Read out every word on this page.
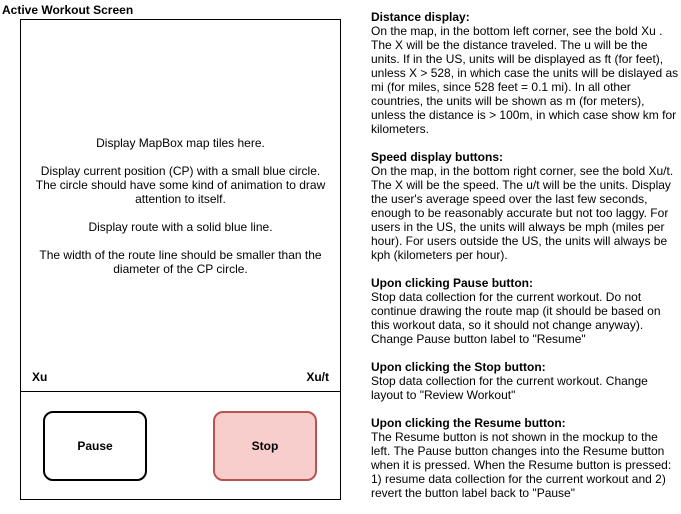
Active Workout Screen

Display MapBox map tiles here.

Display current position (CP) with a small blue circle. The circle should have some kind of animation to draw attention to itself.

Display route with a solid blue line.

The width of the route line should be smaller than the diameter of the CP circle.

Xu	Xu/t
Pause	Stop
Distance display:
On the map, in the bottom left corner, see the bold Xu . The X will be the distance traveled. The u will be the units. If in the US, units will be displayed as ft (for feet), unless X > 528, in which case the units will be dislayed as mi (for miles, since 528 feet = 0.1 mi). In all other countries, the units will be shown as m (for meters), unless the distance is > 100m, in which case show km for kilometers.
Speed display buttons:
On the map, in the bottom right corner, see the bold Xu/t. The X will be the speed. The u/t will be the units. Display the user's average speed over the last few seconds, enough to be reasonably accurate but not too laggy. For users in the US, the units will always be mph (miles per hour). For users outside the US, the units will always be kph (kilometers per hour).
Upon clicking Pause button:
Stop data collection for the current workout. Do not continue drawing the route map (it should be based on this workout data, so it should not change anyway). Change Pause button label to "Resume"
Upon clicking the Stop button:
Stop data collection for the current workout. Change layout to "Review Workout"
Upon clicking the Resume button:
The Resume button is not shown in the mockup to the left. The Pause button changes into the Resume button when it is pressed. When the Resume button is pressed: 1) resume data collection for the current workout and 2) revert the button label back to "Pause"
